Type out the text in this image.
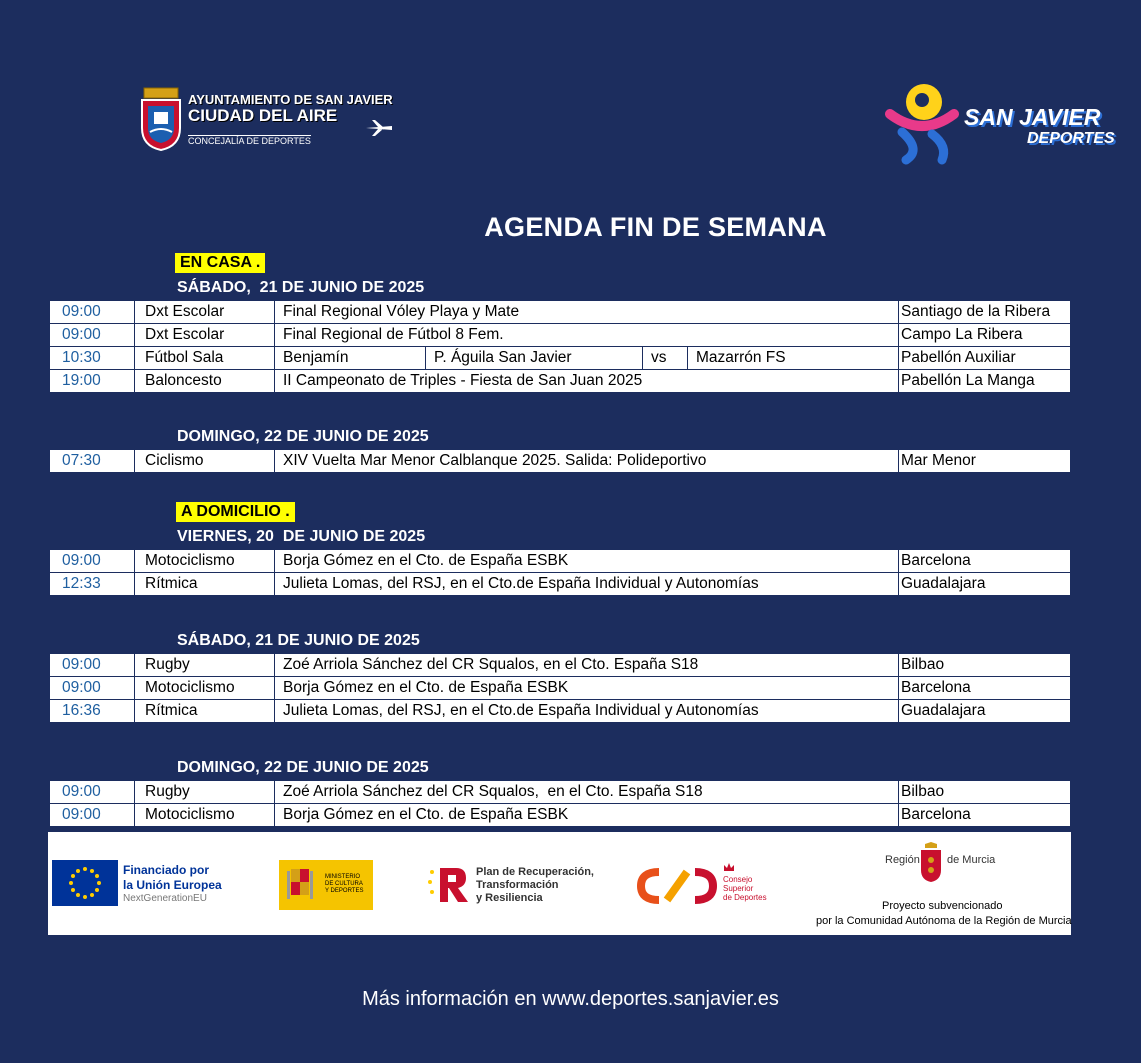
AYUNTAMIENTO DE SAN JAVIER
CIUDAD DEL AIRE
CONCEJALÍA DE DEPORTES
SAN JAVIER
DEPORTES
AGENDA FIN DE SEMANA
EN CASA .
SÁBADO,  21 DE JUNIO DE 2025
09:00	Dxt Escolar	Final Regional Vóley Playa y Mate				Santiago de la Ribera
09:00	Dxt Escolar	Final Regional de Fútbol 8 Fem.				Campo La Ribera
10:30	Fútbol Sala	Benjamín	P. Águila San Javier	vs	Mazarrón FS	Pabellón Auxiliar
19:00	Baloncesto	II Campeonato de Triples - Fiesta de San Juan 2025				Pabellón La Manga
DOMINGO, 22 DE JUNIO DE 2025
07:30	Ciclismo	XIV Vuelta Mar Menor Calblanque 2025. Salida: Polideportivo	Mar Menor
A DOMICILIO .
VIERNES, 20  DE JUNIO DE 2025
09:00	Motociclismo	Borja Gómez en el Cto. de España ESBK	Barcelona
12:33	Rítmica	Julieta Lomas, del RSJ, en el Cto.de España Individual y Autonomías	Guadalajara
SÁBADO, 21 DE JUNIO DE 2025
09:00	Rugby	Zoé Arriola Sánchez del CR Squalos, en el Cto. España S18	Bilbao
09:00	Motociclismo	Borja Gómez en el Cto. de España ESBK	Barcelona
16:36	Rítmica	Julieta Lomas, del RSJ, en el Cto.de España Individual y Autonomías	Guadalajara
DOMINGO, 22 DE JUNIO DE 2025
09:00	Rugby	Zoé Arriola Sánchez del CR Squalos,  en el Cto. España S18	Bilbao
09:00	Motociclismo	Borja Gómez en el Cto. de España ESBK	Barcelona
Financiado por
la Unión Europea
NextGenerationEU
MINISTERIO
DE CULTURA
Y DEPORTES
Plan de Recuperación,
Transformación
y Resiliencia
Consejo
Superior
de Deportes
Región de Murcia
Proyecto subvencionado
por la Comunidad Autónoma de la Región de Murcia
Más información en www.deportes.sanjavier.es
